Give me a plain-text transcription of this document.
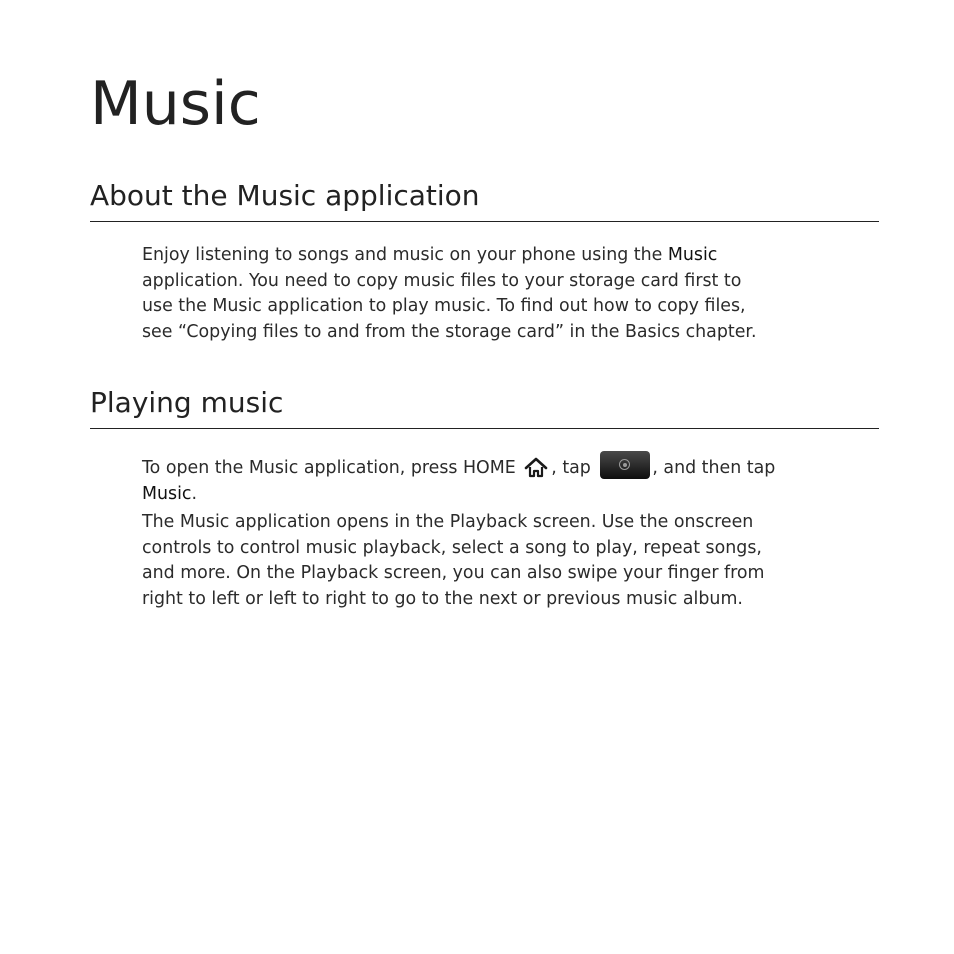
Music
About the Music application

Enjoy listening to songs and music on your phone using the Music
application. You need to copy music files to your storage card first to
use the Music application to play music. To find out how to copy files,
see “Copying files to and from the storage card” in the Basics chapter.

Playing music

To open the Music application, press HOME , tap	, and then tap
Music.

The Music application opens in the Playback screen. Use the onscreen
controls to control music playback, select a song to play, repeat songs,
and more. On the Playback screen, you can also swipe your finger from
right to left or left to right to go to the next or previous music album.
